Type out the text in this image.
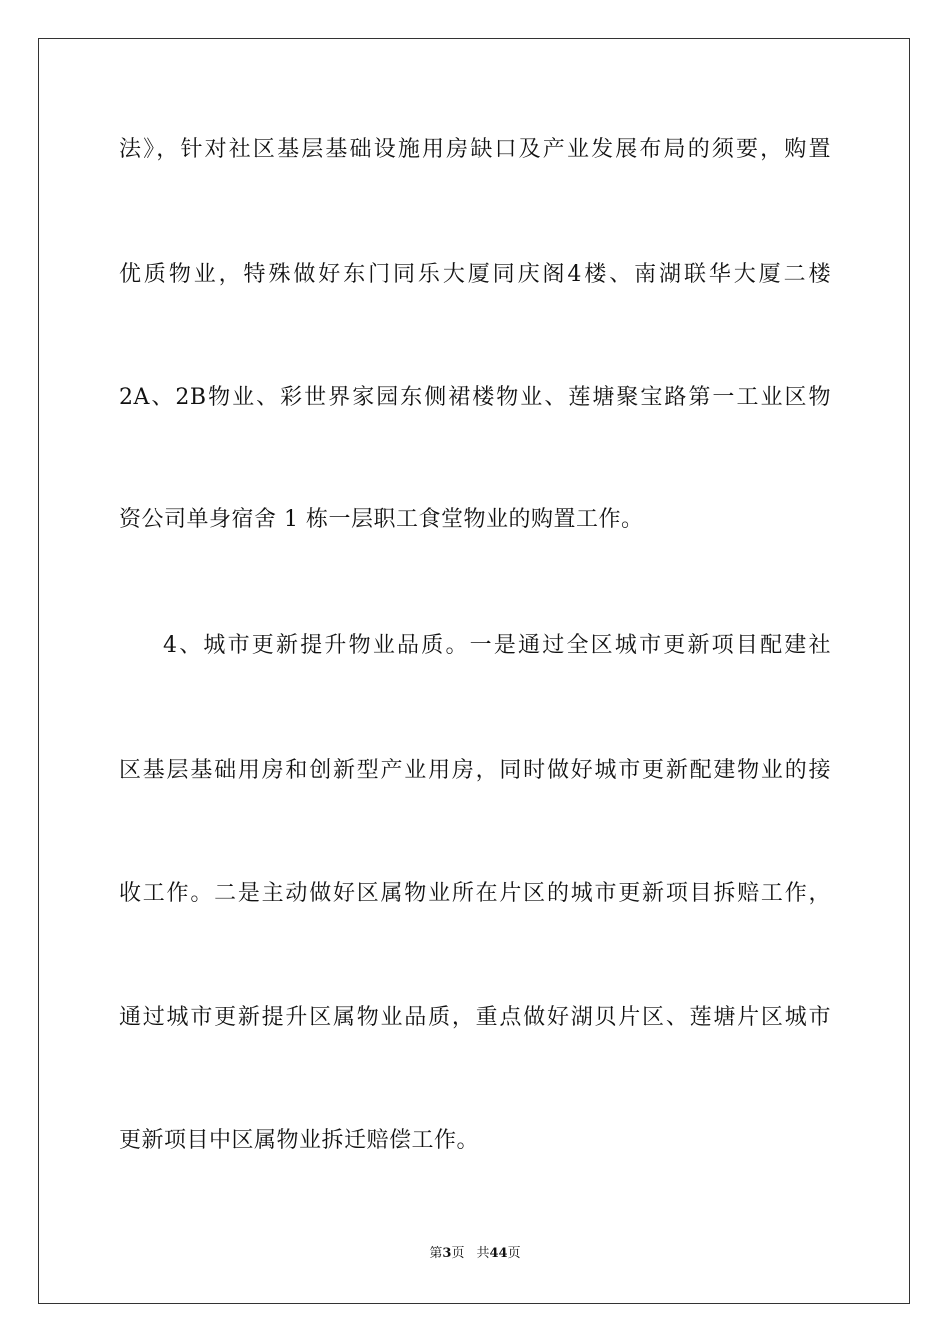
法》，针对社区基层基础设施用房缺口及产业发展布局的须要，购置
优质物业，特殊做好东门同乐大厦同庆阁4楼、南湖联华大厦二楼
2A、2B物业、彩世界家园东侧裙楼物业、莲塘聚宝路第一工业区物
资公司单身宿舍 1 栋一层职工食堂物业的购置工作。
4、城市更新提升物业品质。一是通过全区城市更新项目配建社
区基层基础用房和创新型产业用房，同时做好城市更新配建物业的接
收工作。二是主动做好区属物业所在片区的城市更新项目拆赔工作，
通过城市更新提升区属物业品质，重点做好湖贝片区、莲塘片区城市
更新项目中区属物业拆迁赔偿工作。
第3页 共44页
